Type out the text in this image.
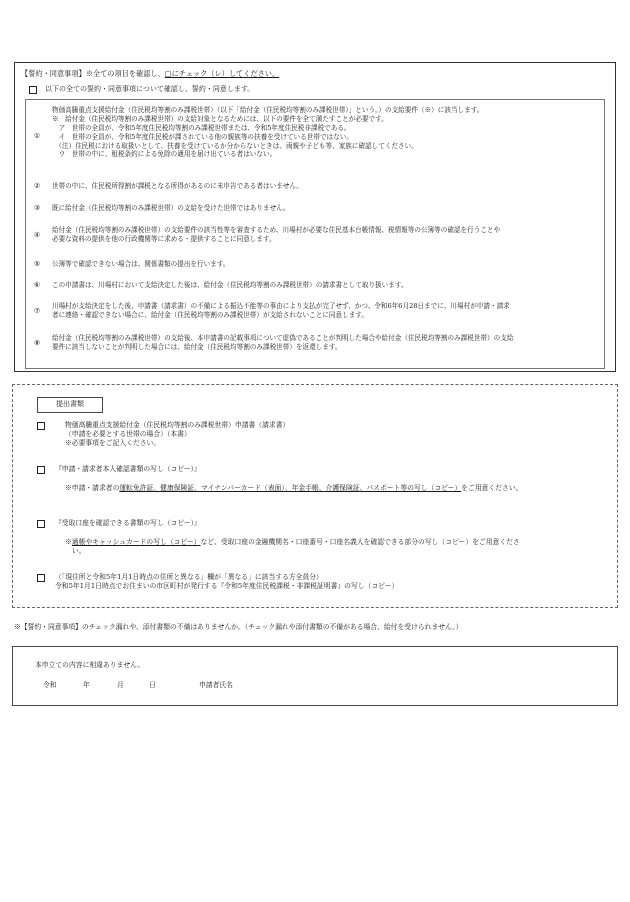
【誓約・同意事項】※全ての項目を確認し、□にチェック（レ）してください。
以下の全ての誓約・同意事項について確認し、誓約・同意します。
①
物価高騰重点支援給付金（住民税均等割のみ課税世帯）（以下「給付金（住民税均等割のみ課税世帯）」という。）の支給要件（※）に該当します。
※　給付金（住民税均等割のみ課税世帯）の支給対象となるためには、以下の要件を全て満たすことが必要です。
　ア　世帯の全員が、令和5年度住民税均等割のみ課税世帯または、令和5年度住民税非課税である。
　イ　世帯の全員が、令和5年度住民税が課されている他の親族等の扶養を受けている世帯ではない。
　（注）住民税における取扱いとして、扶養を受けているか分からないときは、両親や子ども等、家族に確認してください。
　ウ　世帯の中に、租税条約による免除の適用を届け出ている者はいない。
② 世帯の中に、住民税所得割が課税となる所得があるのに未申告である者はいません。
③ 既に給付金（住民税均等割のみ課税世帯）の支給を受けた世帯ではありません。
④
給付金（住民税均等割のみ課税世帯）の支給要件の該当性等を審査するため、川場村が必要な住民基本台帳情報、税情報等の公簿等の確認を行うことや
必要な資料の提供を他の行政機関等に求める・提供することに同意します。
⑤ 公簿等で確認できない場合は、関係書類の提出を行います。
⑥ この申請書は、川場村において支給決定した後は、給付金（住民税均等割のみ課税世帯）の請求書として取り扱います。
⑦
川場村が支給決定をした後、申請書（請求書）の不備による振込不能等の事由により支払が完了せず、かつ、令和6年6月28日までに、川場村が申請・請求
者に連絡・確認できない場合に、給付金（住民税均等割のみ課税世帯）が支給されないことに同意します。
⑧
給付金（住民税均等割のみ課税世帯）の支給後、本申請書の記載事項について虚偽であることが判明した場合や給付金（住民税均等割のみ課税世帯）の支給
要件に該当しないことが判明した場合には、給付金（住民税均等割のみ課税世帯）を返還します。
提出書類
物価高騰重点支援給付金（住民税均等割のみ課税世帯）申請書（請求書）
（申請を必要とする世帯の場合）（本書）
※必要事項をご記入ください。
『申請・請求者本人確認書類の写し（コピー）』
※申請・請求者の運転免許証、健康保険証、マイナンバーカード（表面）、年金手帳、介護保険証、パスポート等の写し（コピー）をご用意ください。
『受取口座を確認できる書類の写し（コピー）』
※通帳やキャッシュカードの写し（コピー）など、受取口座の金融機関名・口座番号・口座名義人を確認できる部分の写し（コピー）をご用意くださ
い。
（「現住所と令和5年1月1日時点の住所と異なる」欄が「異なる」に該当する方全員分）
令和5年1月1日時点でお住まいの市区町村が発行する『令和5年度住民税課税・非課税証明書』の写し（コピー）
※【誓約・同意事項】のチェック漏れや、添付書類の不備はありませんか。（チェック漏れや添付書類の不備がある場合、給付を受けられません。）
本申立ての内容に相違ありません。
令和	年	月	日	申請者氏名
